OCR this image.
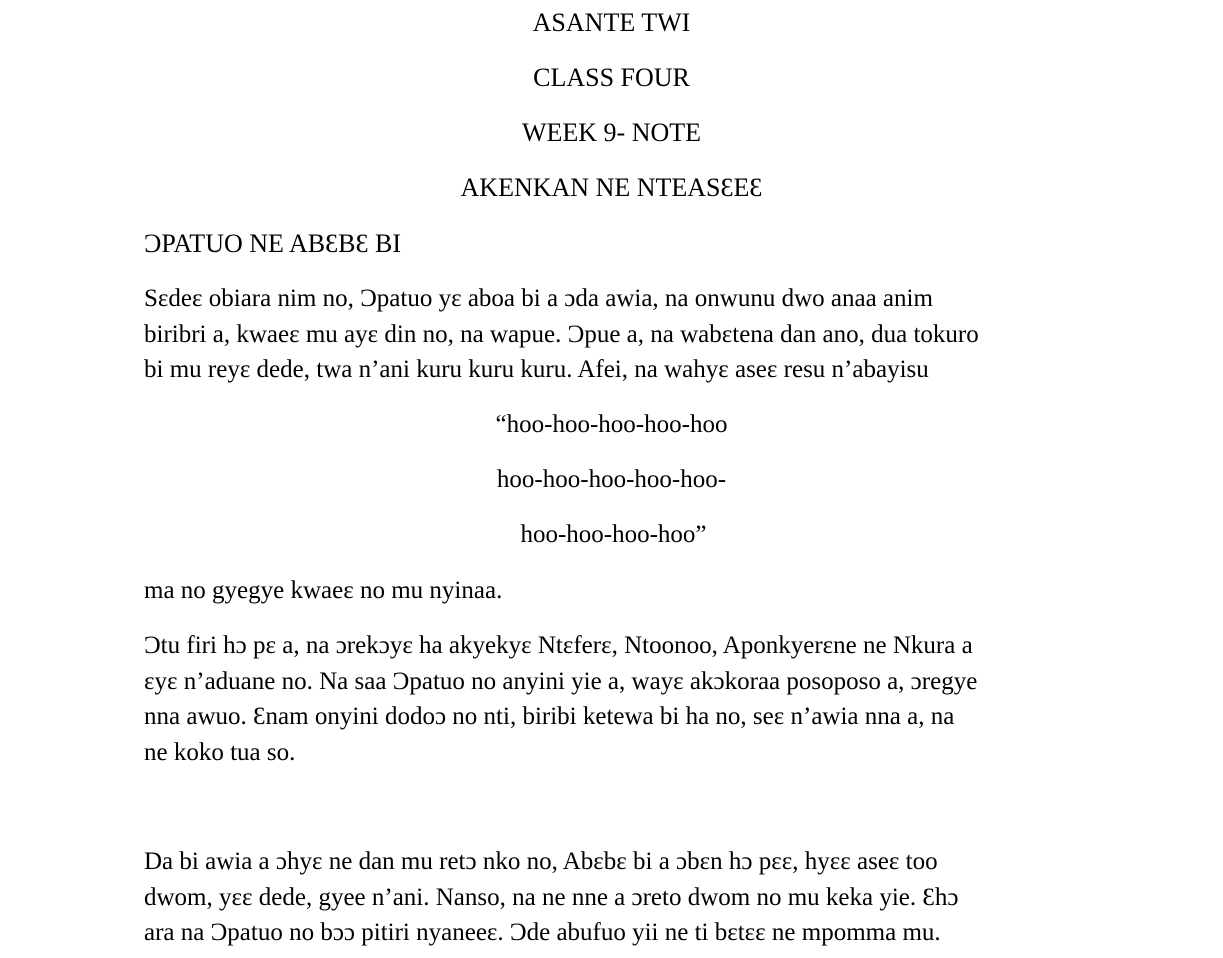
ASANTE TWI
CLASS FOUR
WEEK 9- NOTE
AKENKAN NE NTEASƐEƐ
ƆPATUO NE ABƐBƐ BI
Sɛdeɛ obiara nim no, Ɔpatuo yɛ aboa bi a ɔda awia, na onwunu dwo anaa anim
biribri a, kwaeɛ mu ayɛ din no, na wapue. Ɔpue a, na wabɛtena dan ano, dua tokuro
bi mu reyɛ dede, twa n’ani kuru kuru kuru. Afei, na wahyɛ aseɛ resu n’abayisu
“hoo-hoo-hoo-hoo-hoo
hoo-hoo-hoo-hoo-hoo-
hoo-hoo-hoo-hoo”
ma no gyegye kwaeɛ no mu nyinaa.
Ɔtu firi hɔ pɛ a, na ɔrekɔyɛ ha akyekyɛ Ntɛferɛ, Ntoonoo, Aponkyerɛne ne Nkura a
ɛyɛ n’aduane no. Na saa Ɔpatuo no anyini yie a, wayɛ akɔkoraa posoposo a, ɔregye
nna awuo. Ɛnam onyini dodoɔ no nti, biribi ketewa bi ha no, seɛ n’awia nna a, na
ne koko tua so.
Da bi awia a ɔhyɛ ne dan mu retɔ nko no, Abɛbɛ bi a ɔbɛn hɔ pɛɛ, hyɛɛ aseɛ too
dwom, yɛɛ dede, gyee n’ani. Nanso, na ne nne a ɔreto dwom no mu keka yie. Ɛhɔ
ara na Ɔpatuo no bɔɔ pitiri nyaneeɛ. Ɔde abufuo yii ne ti bɛtɛɛ ne mpomma mu.
